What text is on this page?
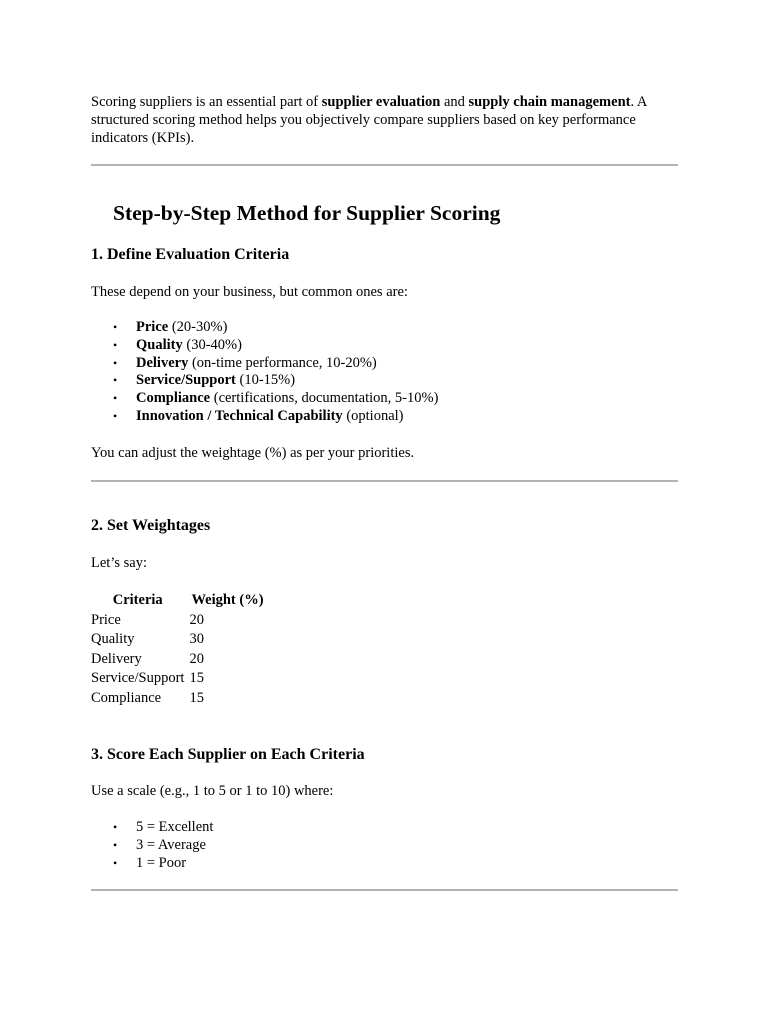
Scoring suppliers is an essential part of supplier evaluation and supply chain management. A structured scoring method helps you objectively compare suppliers based on key performance indicators (KPIs).

Step-by-Step Method for Supplier Scoring
1. Define Evaluation Criteria

These depend on your business, but common ones are:

• Price (20-30%)
• Quality (30-40%)
• Delivery (on-time performance, 10-20%)
• Service/Support (10-15%)
• Compliance (certifications, documentation, 5-10%)
• Innovation / Technical Capability (optional)

You can adjust the weightage (%) as per your priorities.

2. Set Weightages

Let’s say:

Criteria	Weight (%)
Price	20
Quality	30
Delivery	20
Service/Support	15
Compliance	15
3. Score Each Supplier on Each Criteria

Use a scale (e.g., 1 to 5 or 1 to 10) where:

• 5 = Excellent
• 3 = Average
• 1 = Poor
